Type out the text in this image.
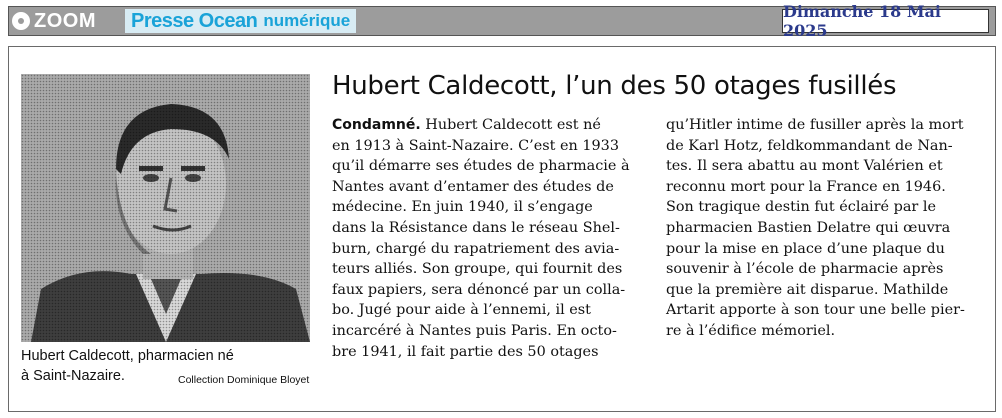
ZOOM Presse Ocean numérique	Dimanche 18 Mai 2025
Hubert Caldecott, pharmacien né
à Saint-Nazaire.	Collection Dominique Bloyet
Hubert Caldecott, l’un des 50 otages fusillés
Condamné. Hubert Caldecott est né
en 1913 à Saint-Nazaire. C’est en 1933
qu’il démarre ses études de pharmacie à
Nantes avant d’entamer des études de
médecine. En juin 1940, il s’engage
dans la Résistance dans le réseau Shel-
burn, chargé du rapatriement des avia-
teurs alliés. Son groupe, qui fournit des
faux papiers, sera dénoncé par un colla-
bo. Jugé pour aide à l’ennemi, il est
incarcéré à Nantes puis Paris. En octo-
bre 1941, il fait partie des 50 otages
qu’Hitler intime de fusiller après la mort
de Karl Hotz, feldkommandant de Nan-
tes. Il sera abattu au mont Valérien et
reconnu mort pour la France en 1946.
Son tragique destin fut éclairé par le
pharmacien Bastien Delatre qui œuvra
pour la mise en place d’une plaque du
souvenir à l’école de pharmacie après
que la première ait disparue. Mathilde
Artarit apporte à son tour une belle pier-
re à l’édifice mémoriel.
